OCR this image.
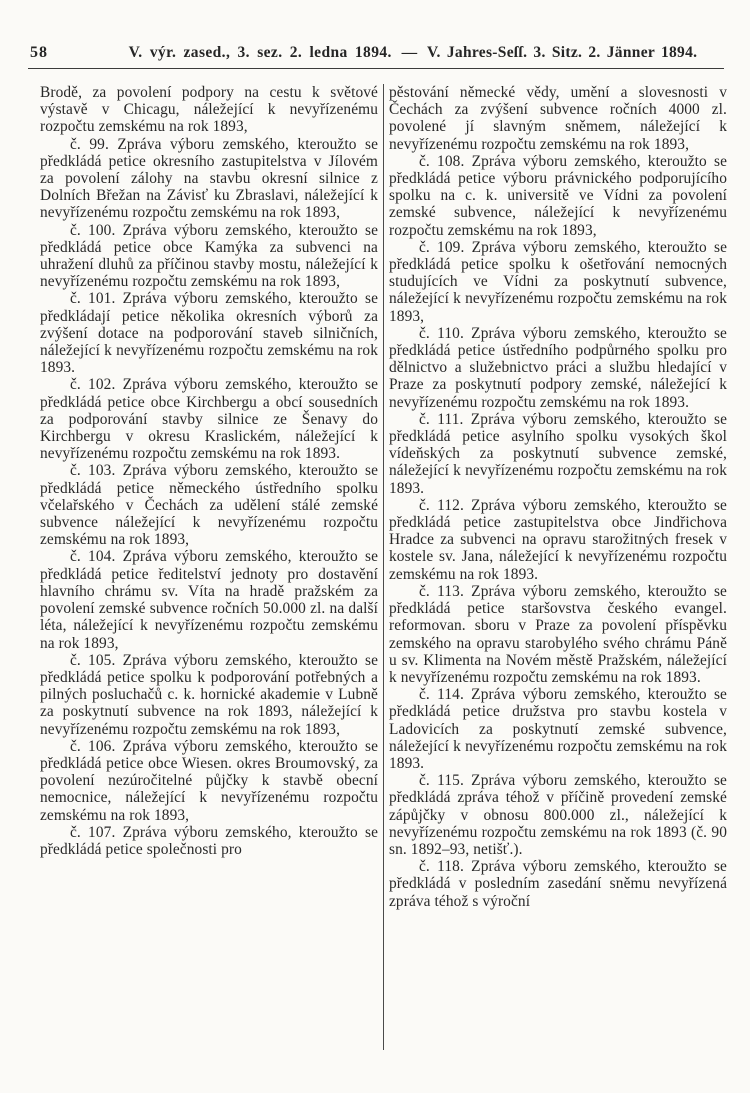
58	V. výr. zased., 3. sez. 2. ledna 1894. — V. Jahres-Seſſ. 3. Sitz. 2. Jänner 1894.

Brodě, za povolení podpory na cestu k světové výstavě v Chicagu, náležející k nevyřízenému rozpočtu zemskému na rok 1893,

č. 99. Zpráva výboru zemského, kteroužto se předkládá petice okresního zastupitelstva v Jílovém za povolení zálohy na stavbu okresní silnice z Dolních Břežan na Závisť ku Zbraslavi, náležející k nevyřízenému rozpočtu zemskému na rok 1893,

č. 100. Zpráva výboru zemského, kteroužto se předkládá petice obce Kamýka za subvenci na uhražení dluhů za příčinou stavby mostu, náležející k nevyřízenému rozpočtu zemskému na rok 1893,

č. 101. Zpráva výboru zemského, kteroužto se předkládají petice několika okresních výborů za zvýšení dotace na podporování staveb silničních, náležející k nevyřízenému rozpočtu zemskému na rok 1893.

č. 102. Zpráva výboru zemského, kteroužto se předkládá petice obce Kirchbergu a obcí sousedních za podporování stavby silnice ze Šenavy do Kirchbergu v okresu Kraslickém, náležející k nevyřízenému rozpočtu zemskému na rok 1893.

č. 103. Zpráva výboru zemského, kteroužto se předkládá petice německého ústředního spolku včelařského v Čechách za udělení stálé zemské subvence náležející k nevyřízenému rozpočtu zemskému na rok 1893,

č. 104. Zpráva výboru zemského, kteroužto se předkládá petice ředitelství jednoty pro dostavění hlavního chrámu sv. Víta na hradě pražském za povolení zemské subvence ročních 50.000 zl. na další léta, náležející k nevyřízenému rozpočtu zemskému na rok 1893,

č. 105. Zpráva výboru zemského, kteroužto se předkládá petice spolku k podporování potřebných a pilných posluchačů c. k. hornické akademie v Lubně za poskytnutí subvence na rok 1893, náležející k nevyřízenému rozpočtu zemskému na rok 1893,

č. 106. Zpráva výboru zemského, kteroužto se předkládá petice obce Wiesen. okres Broumovský, za povolení nezúročitelné půjčky k stavbě obecní nemocnice, náležející k nevyřízenému rozpočtu zemskému na rok 1893,

č. 107. Zpráva výboru zemského, kteroužto se předkládá petice společnosti pro

pěstování německé vědy, umění a slovesnosti v Čechách za zvýšení subvence ročních 4000 zl. povolené jí slavným sněmem, náležející k nevyřízenému rozpočtu zemskému na rok 1893,

č. 108. Zpráva výboru zemského, kteroužto se předkládá petice výboru právnického podporujícího spolku na c. k. universitě ve Vídni za povolení zemské subvence, náležející k nevyřízenému rozpočtu zemskému na rok 1893,

č. 109. Zpráva výboru zemského, kteroužto se předkládá petice spolku k ošetřování nemocných studujících ve Vídni za poskytnutí subvence, náležející k nevyřízenému rozpočtu zemskému na rok 1893,

č. 110. Zpráva výboru zemského, kteroužto se předkládá petice ústředního podpůrného spolku pro dělnictvo a služebnictvo práci a službu hledající v Praze za poskytnutí podpory zemské, náležející k nevyřízenému rozpočtu zemskému na rok 1893.

č. 111. Zpráva výboru zemského, kteroužto se předkládá petice asylního spolku vysokých škol vídeňských za poskytnutí subvence zemské, náležející k nevyřízenému rozpočtu zemskému na rok 1893.

č. 112. Zpráva výboru zemského, kteroužto se předkládá petice zastupitelstva obce Jindřichova Hradce za subvenci na opravu starožitných fresek v kostele sv. Jana, náležející k nevyřízenému rozpočtu zemskému na rok 1893.

č. 113. Zpráva výboru zemského, kteroužto se předkládá petice staršovstva českého evangel. reformovan. sboru v Praze za povolení příspěvku zemského na opravu starobylého svého chrámu Páně u sv. Klimenta na Novém městě Pražském, náležející k nevyřízenému rozpočtu zemskému na rok 1893.

č. 114. Zpráva výboru zemského, kteroužto se předkládá petice družstva pro stavbu kostela v Ladovicích za poskytnutí zemské subvence, náležející k nevyřízenému rozpočtu zemskému na rok 1893.

č. 115. Zpráva výboru zemského, kteroužto se předkládá zpráva téhož v příčině provedení zemské zápůjčky v obnosu 800.000 zl., náležející k nevyřízenému rozpočtu zemskému na rok 1893 (č. 90 sn. 1892–93, netišť.).

č. 118. Zpráva výboru zemského, kteroužto se předkládá v posledním zasedání sněmu nevyřízená zpráva téhož s výroční
